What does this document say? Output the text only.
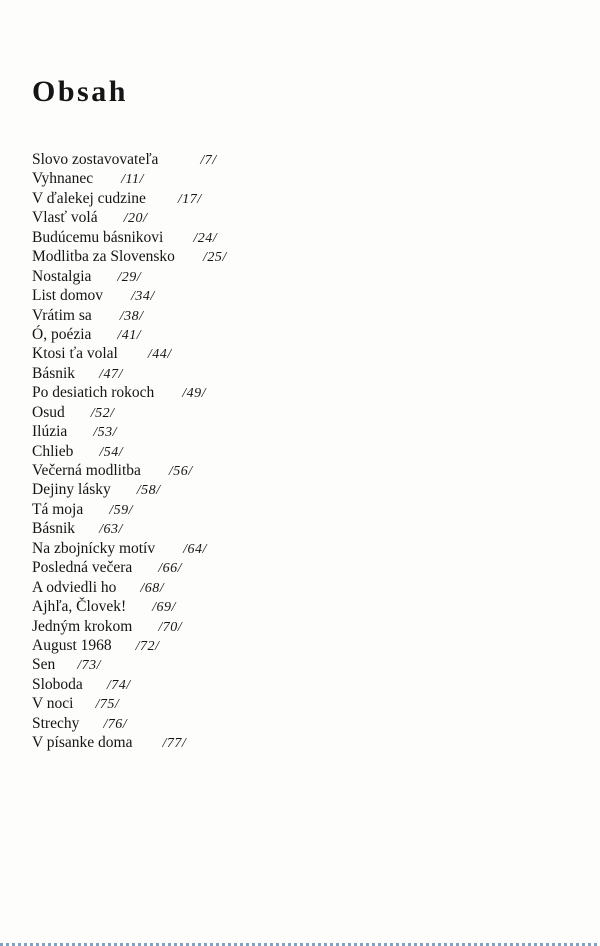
Obsah
Slovo zostavovateľa	/7/
Vyhnanec /11/
V ďalekej cudzine /17/
Vlasť volá /20/
Budúcemu básnikovi /24/
Modlitba za Slovensko /25/
Nostalgia /29/
List domov /34/
Vrátim sa /38/
Ó, poézia /41/
Ktosi ťa volal /44/
Básnik /47/
Po desiatich rokoch /49/
Osud /52/
Ilúzia /53/
Chlieb /54/
Večerná modlitba /56/
Dejiny lásky /58/
Tá moja /59/
Básnik /63/
Na zbojnícky motív /64/
Posledná večera /66/
A odviedli ho /68/
Ajhľa, Človek! /69/
Jedným krokom /70/
August 1968 /72/
Sen /73/
Sloboda /74/
V noci /75/
Strechy /76/
V písanke doma /77/
